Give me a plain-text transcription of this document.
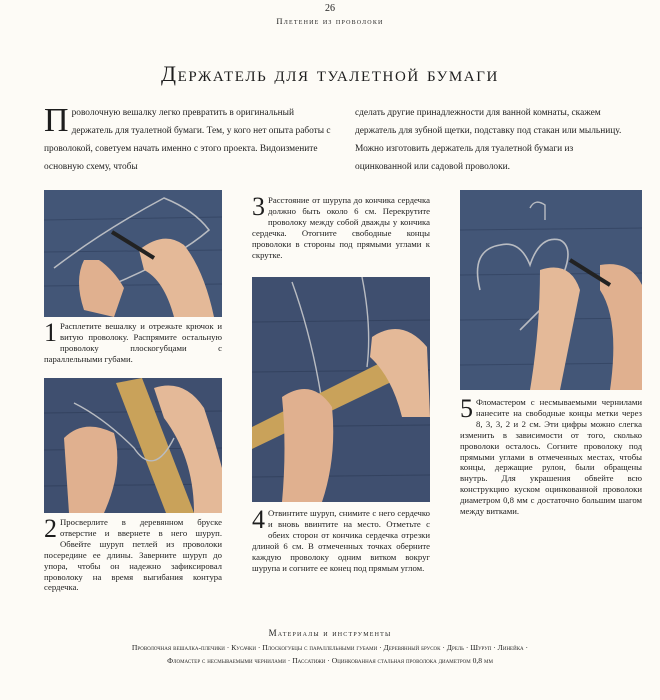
26
Плетение из проволоки
Держатель для туалетной бумаги

Проволочную вешалку легко превратить в оригинальный держатель для туалетной бумаги. Тем, у кого нет опыта работы с проволокой, советуем начать именно с этого проекта. Видоизмените основную схему, чтобы

сделать другие принадлежности для ванной комнаты, скажем держатель для зубной щетки, подставку под стакан или мыльницу. Можно изготовить держатель для туалетной бумаги из оцинкованной или садовой проволоки.

1 Расплетите вешалку и отрежьте крючок и витую проволоку. Распрямите остальную проволоку плоскогубцами с параллельными губами.

2 Просверлите в деревянном бруске отверстие и ввернете в него шуруп. Обвейте шуруп петлей из проволоки посередине ее длины. Заверните шуруп до упора, чтобы он надежно зафиксировал проволоку на время выгибания контура сердечка.

3 Расстояние от шурупа до кончика сердечка должно быть около 6 см. Перекрутите проволоку между собой дважды у кончика сердечка. Отогните свободные концы проволоки в стороны под прямыми углами к скрутке.

4 Отвинтите шуруп, снимите с него сердечко и вновь ввинтите на место. Отметьте с обеих сторон от кончика сердечка отрезки длиной 6 см. В отмеченных точках оберните каждую проволоку одним витком вокруг шурупа и согните ее конец под прямым углом.

5 Фломастером с несмываемыми чернилами нанесите на свободные концы метки через 8, 3, 3, 2 и 2 см. Эти цифры можно слегка изменить в зависимости от того, сколько проволоки осталось. Согните проволоку под прямыми углами в отмеченных местах, чтобы концы, держащие рулон, были обращены внутрь. Для украшения обвейте всю конструкцию куском оцинкованной проволоки диаметром 0,8 мм с достаточно большим шагом между витками.

Материалы и инструменты
Проволочная вешалка-плечики · Кусачки · Плоскогубцы с параллельными губами · Деревянный брусок · Дрель · Шуруп · Линейка ·
Фломастер с несмываемыми чернилами · Пассатижи · Оцинкованная стальная проволока диаметром 0,8 мм
